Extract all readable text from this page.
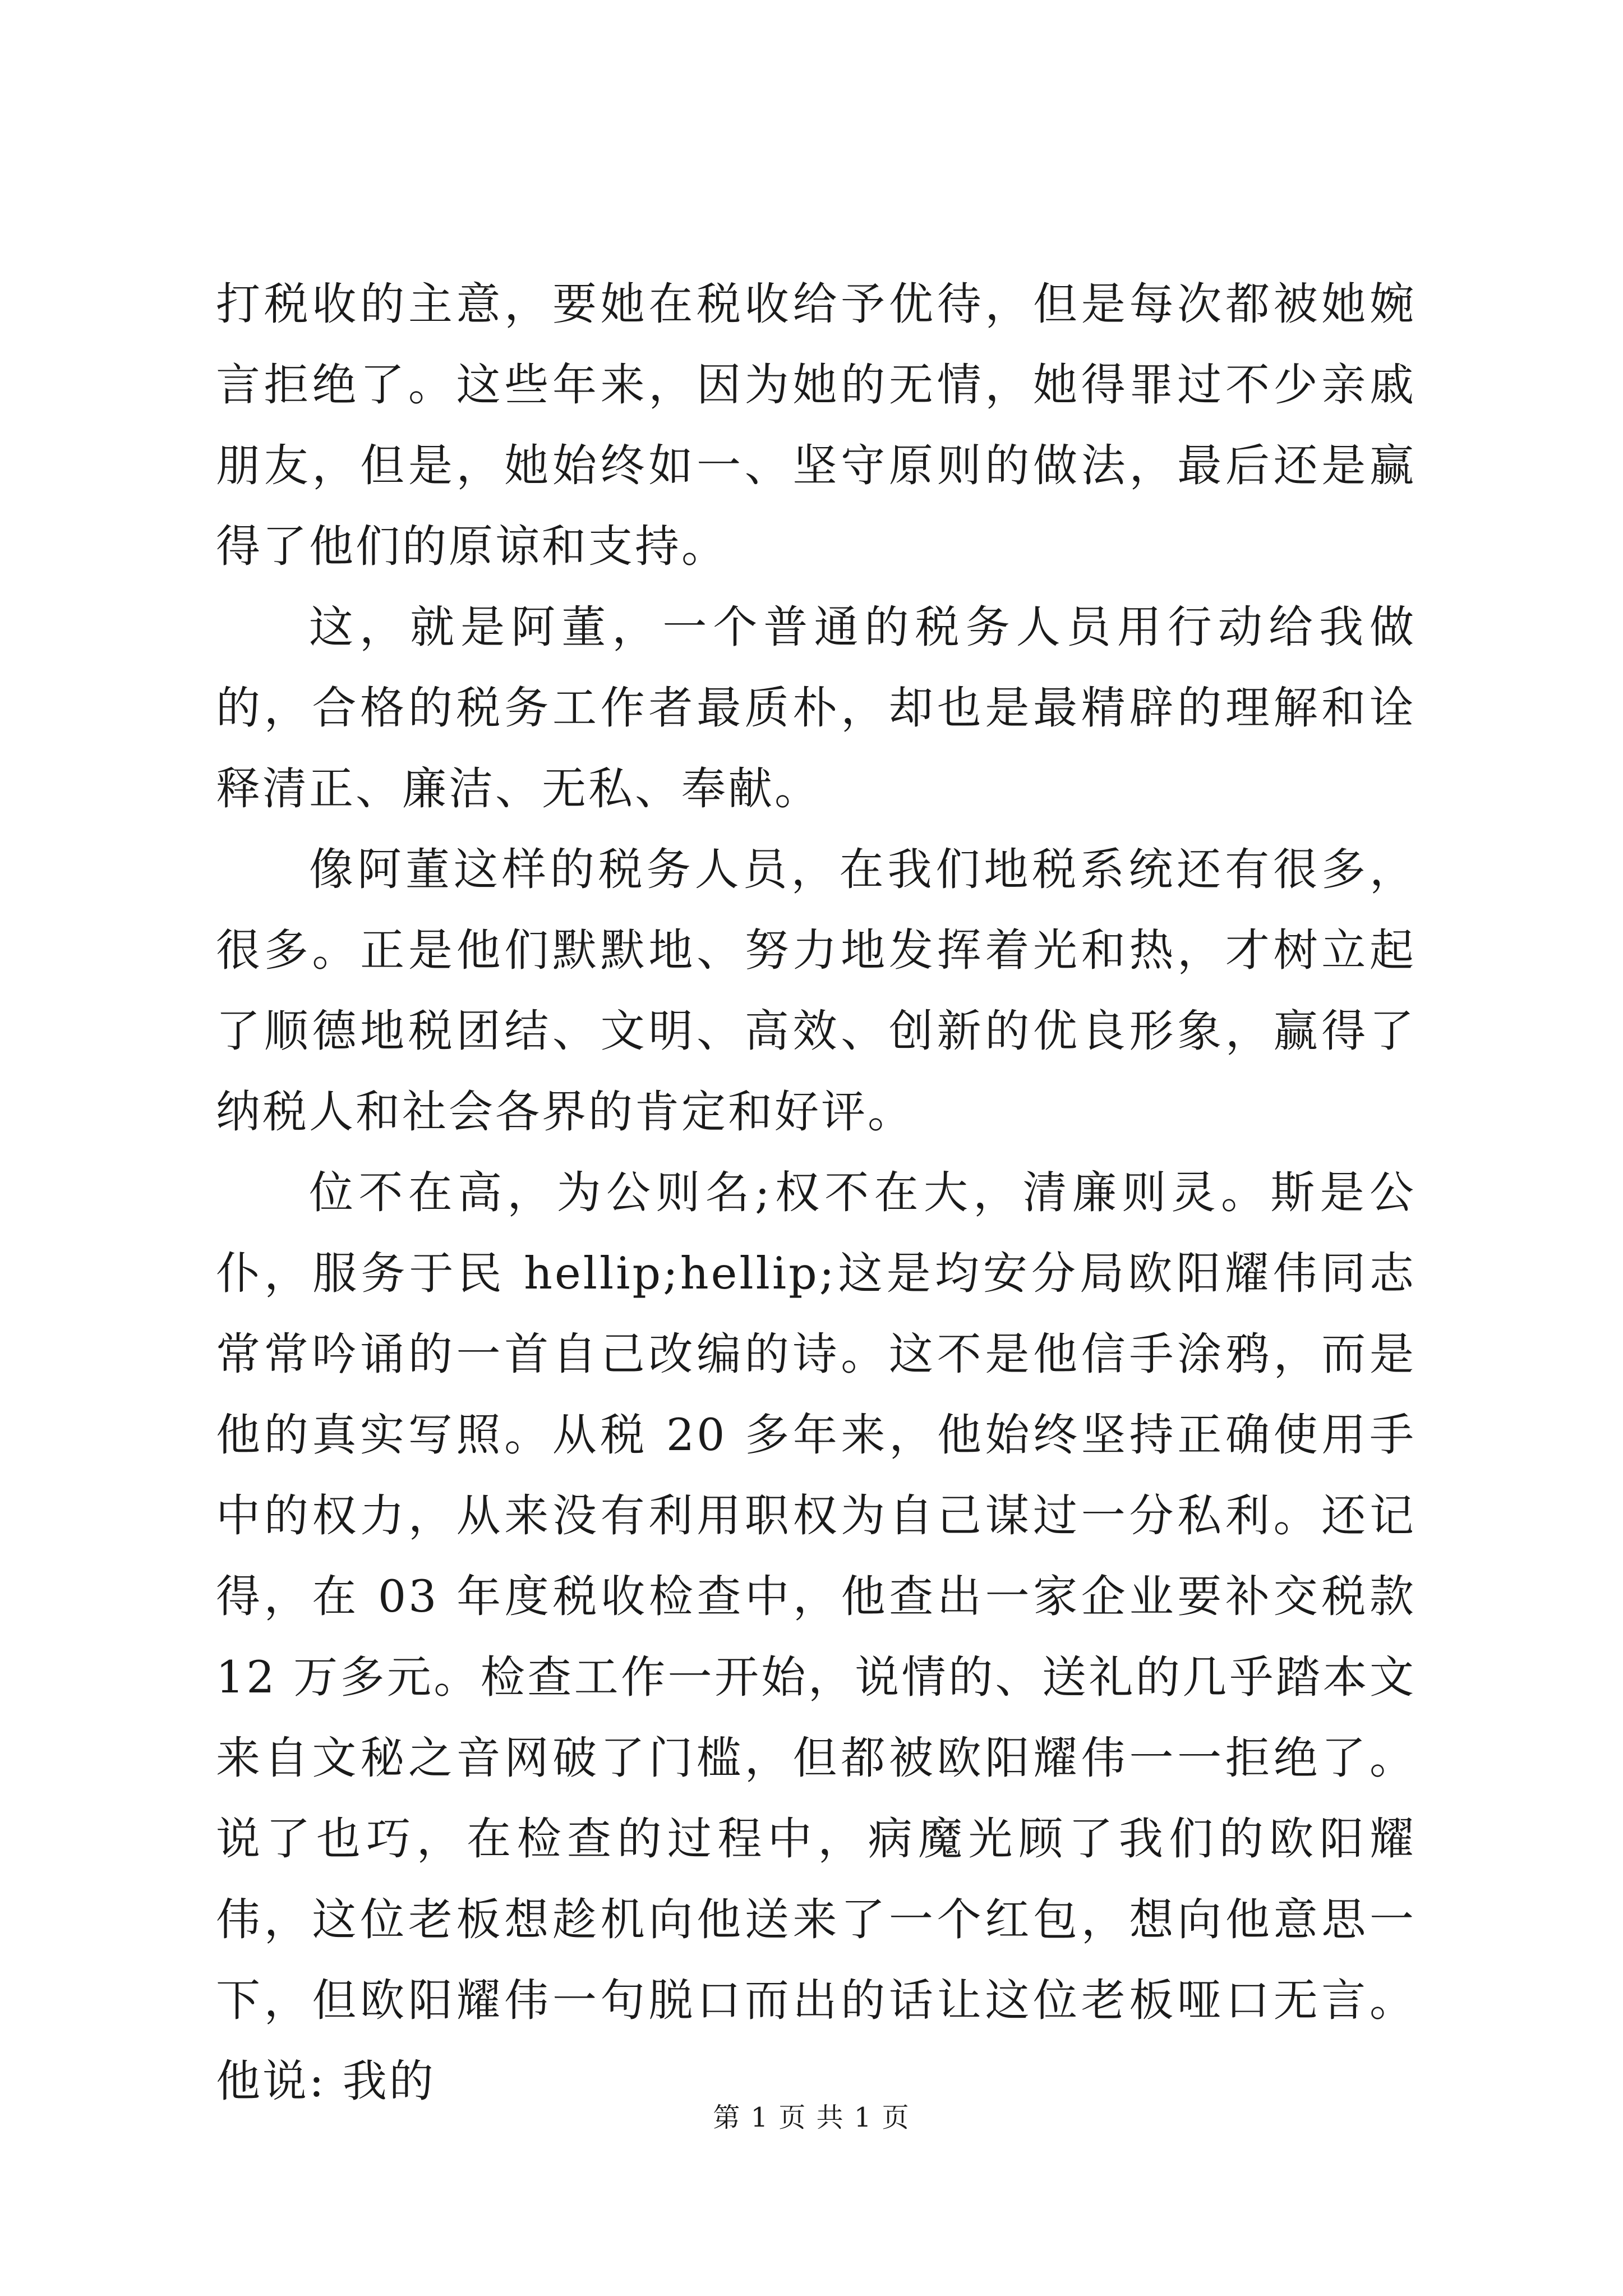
打税收的主意，要她在税收给予优待，但是每次都被她婉言拒绝了。这些年来，因为她的无情，她得罪过不少亲戚朋友，但是，她始终如一、坚守原则的做法，最后还是赢得了他们的原谅和支持。

这，就是阿董，一个普通的税务人员用行动给我做的，合格的税务工作者最质朴，却也是最精辟的理解和诠释清正、廉洁、无私、奉献。

像阿董这样的税务人员，在我们地税系统还有很多，很多。正是他们默默地、努力地发挥着光和热，才树立起了顺德地税团结、文明、高效、创新的优良形象，赢得了纳税人和社会各界的肯定和好评。

位不在高，为公则名;权不在大，清廉则灵。斯是公仆，服务于民 hellip;hellip;这是均安分局欧阳耀伟同志常常吟诵的一首自己改编的诗。这不是他信手涂鸦，而是他的真实写照。从税 20 多年来，他始终坚持正确使用手中的权力，从来没有利用职权为自己谋过一分私利。还记得，在 03 年度税收检查中，他查出一家企业要补交税款 12 万多元。检查工作一开始，说情的、送礼的几乎踏本文来自文秘之音网破了门槛，但都被欧阳耀伟一一拒绝了。说了也巧，在检查的过程中，病魔光顾了我们的欧阳耀伟，这位老板想趁机向他送来了一个红包，想向他意思一下，但欧阳耀伟一句脱口而出的话让这位老板哑口无言。他说: 我的

第 1 页 共 1 页
